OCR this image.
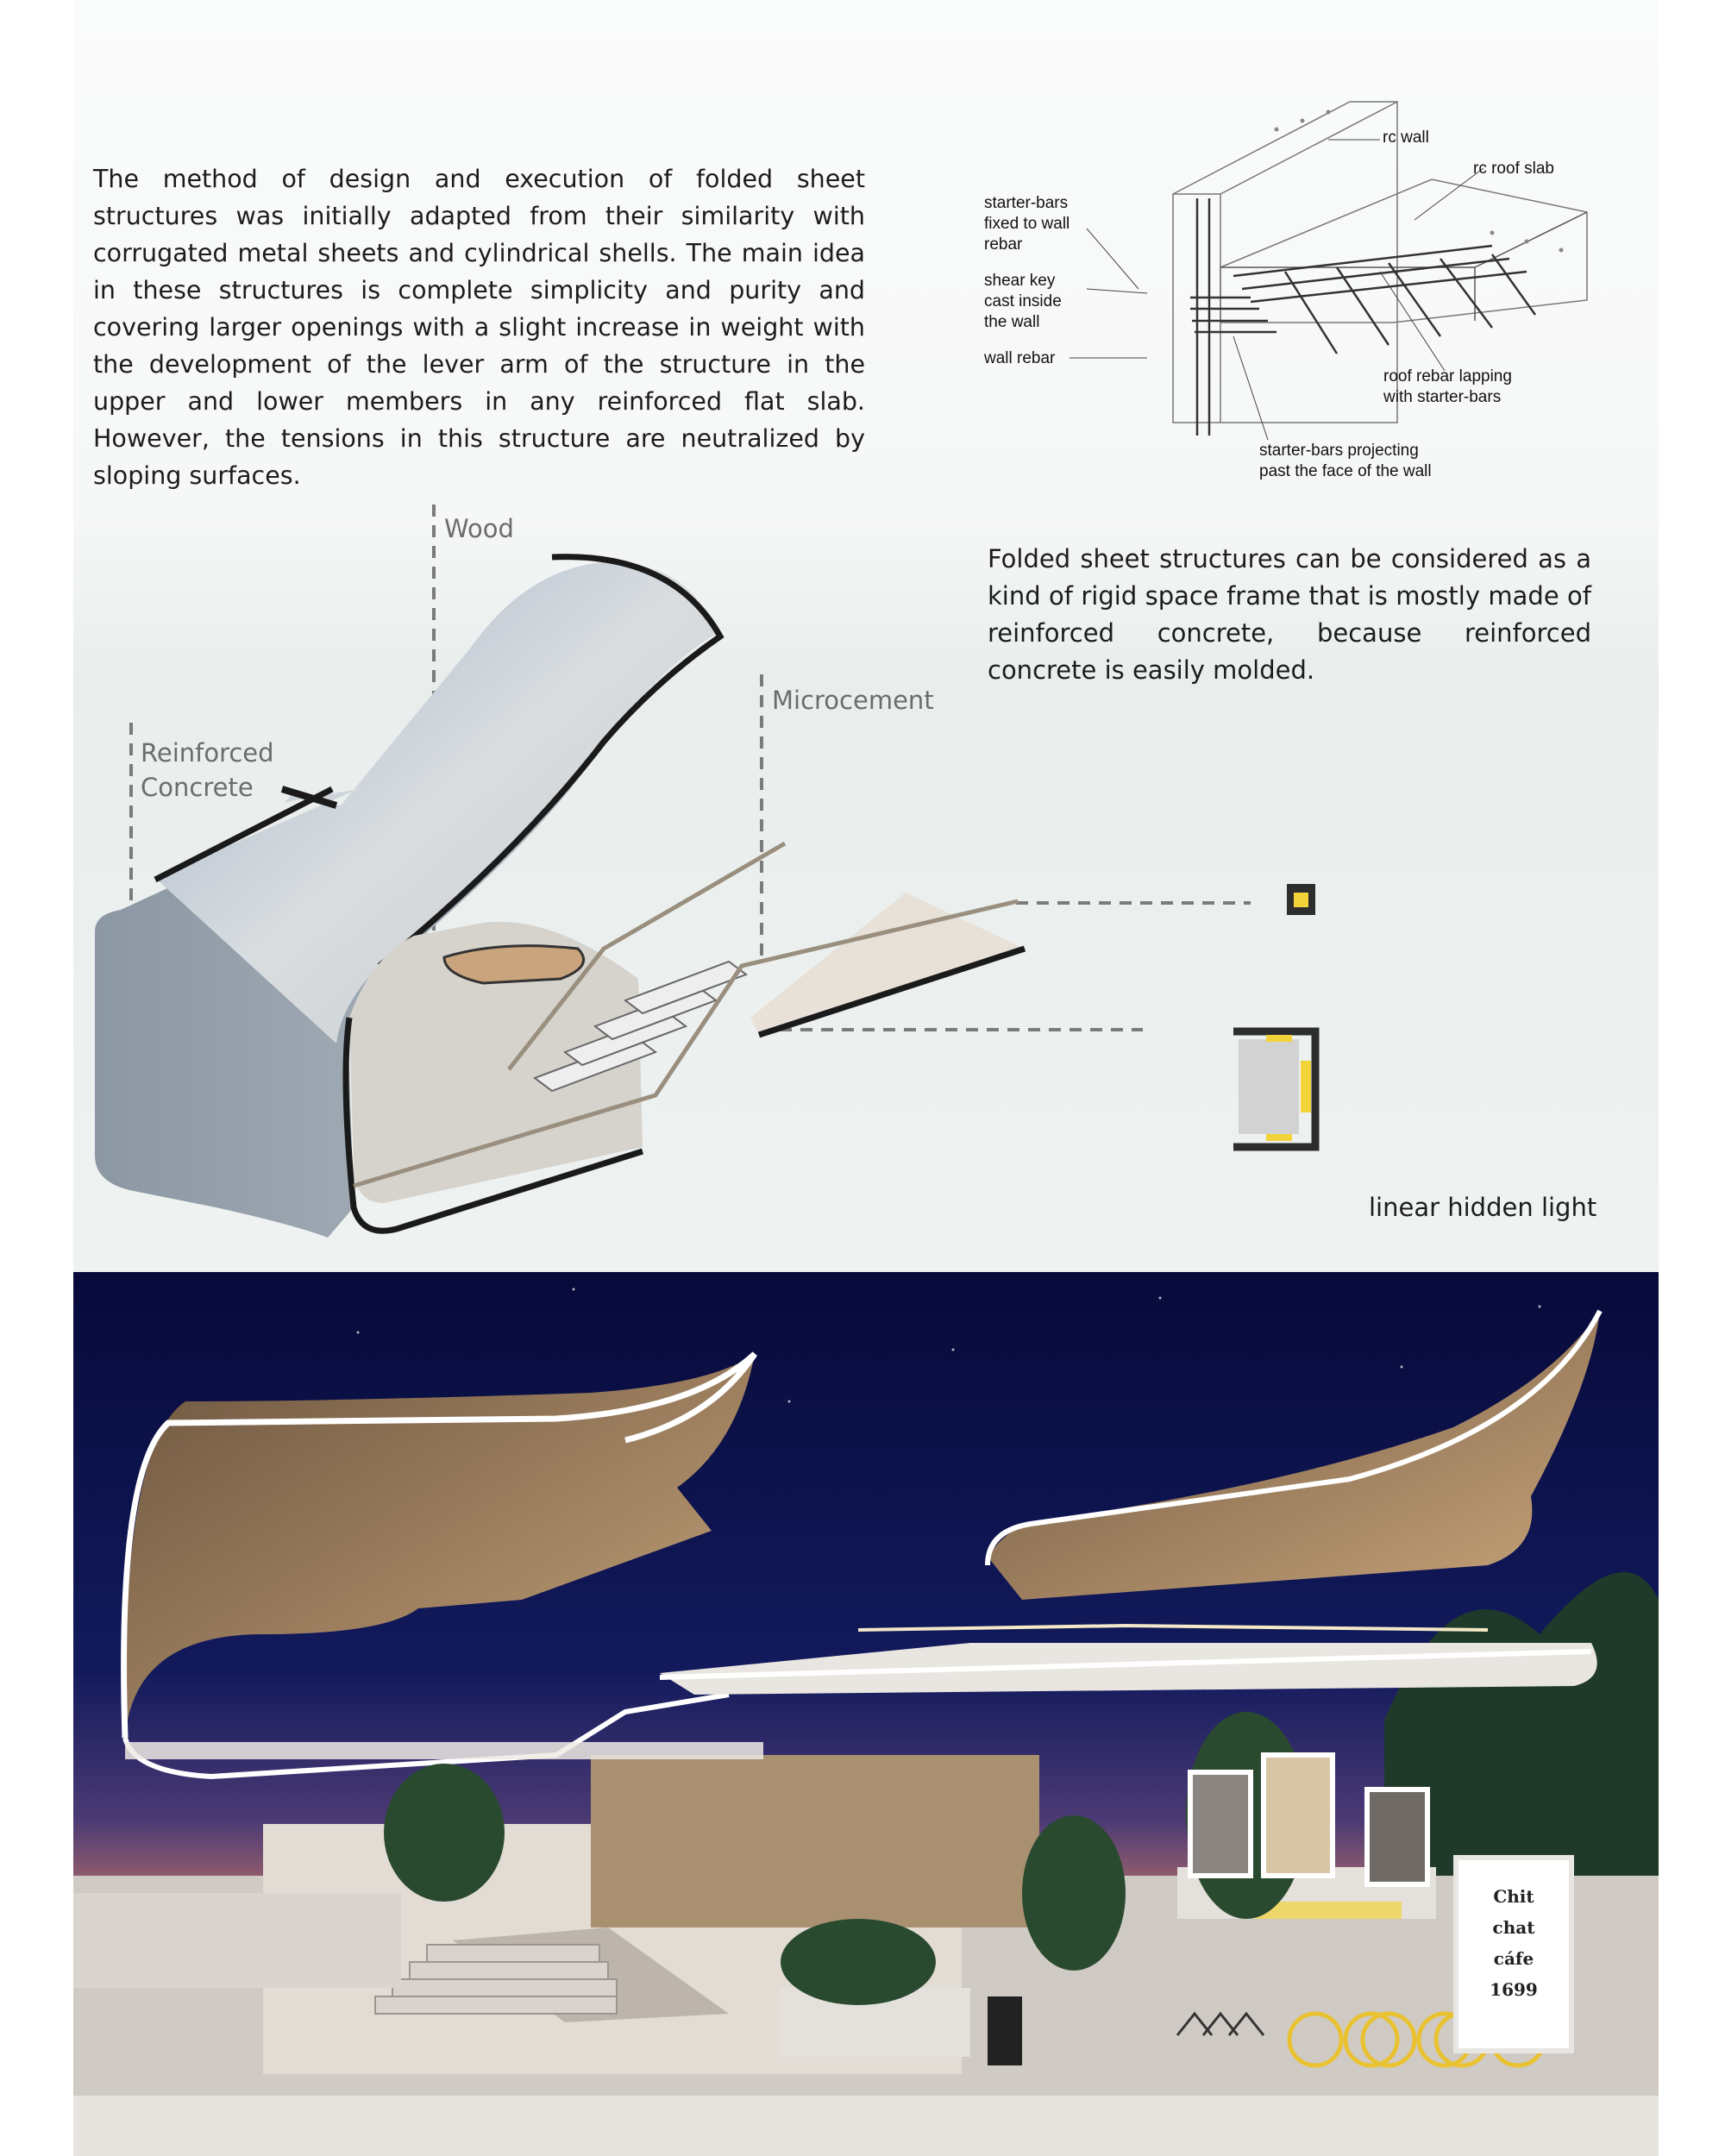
The method of design and execution of folded sheet structures was initially adapted from their similarity with corrugated metal sheets and cylindrical shells. The main idea in these structures is complete simplicity and purity and covering larger openings with a slight increase in weight with the development of the lever arm of the structure in the upper and lower members in any reinforced flat slab. However, the tensions in this structure are neutralized by sloping surfaces.

Folded sheet structures can be considered as a kind of rigid space frame that is mostly made of reinforced concrete, because reinforced concrete is easily molded.

rc wall
rc roof slab
starter-bars
fixed to wall
rebar
shear key
cast inside
the wall
wall rebar
roof rebar lapping
with starter-bars
starter-bars projecting
past the face of the wall
Wood
Microcement
Reinforced
Concrete
linear hidden light
Chit
chat
cáfe
1699
